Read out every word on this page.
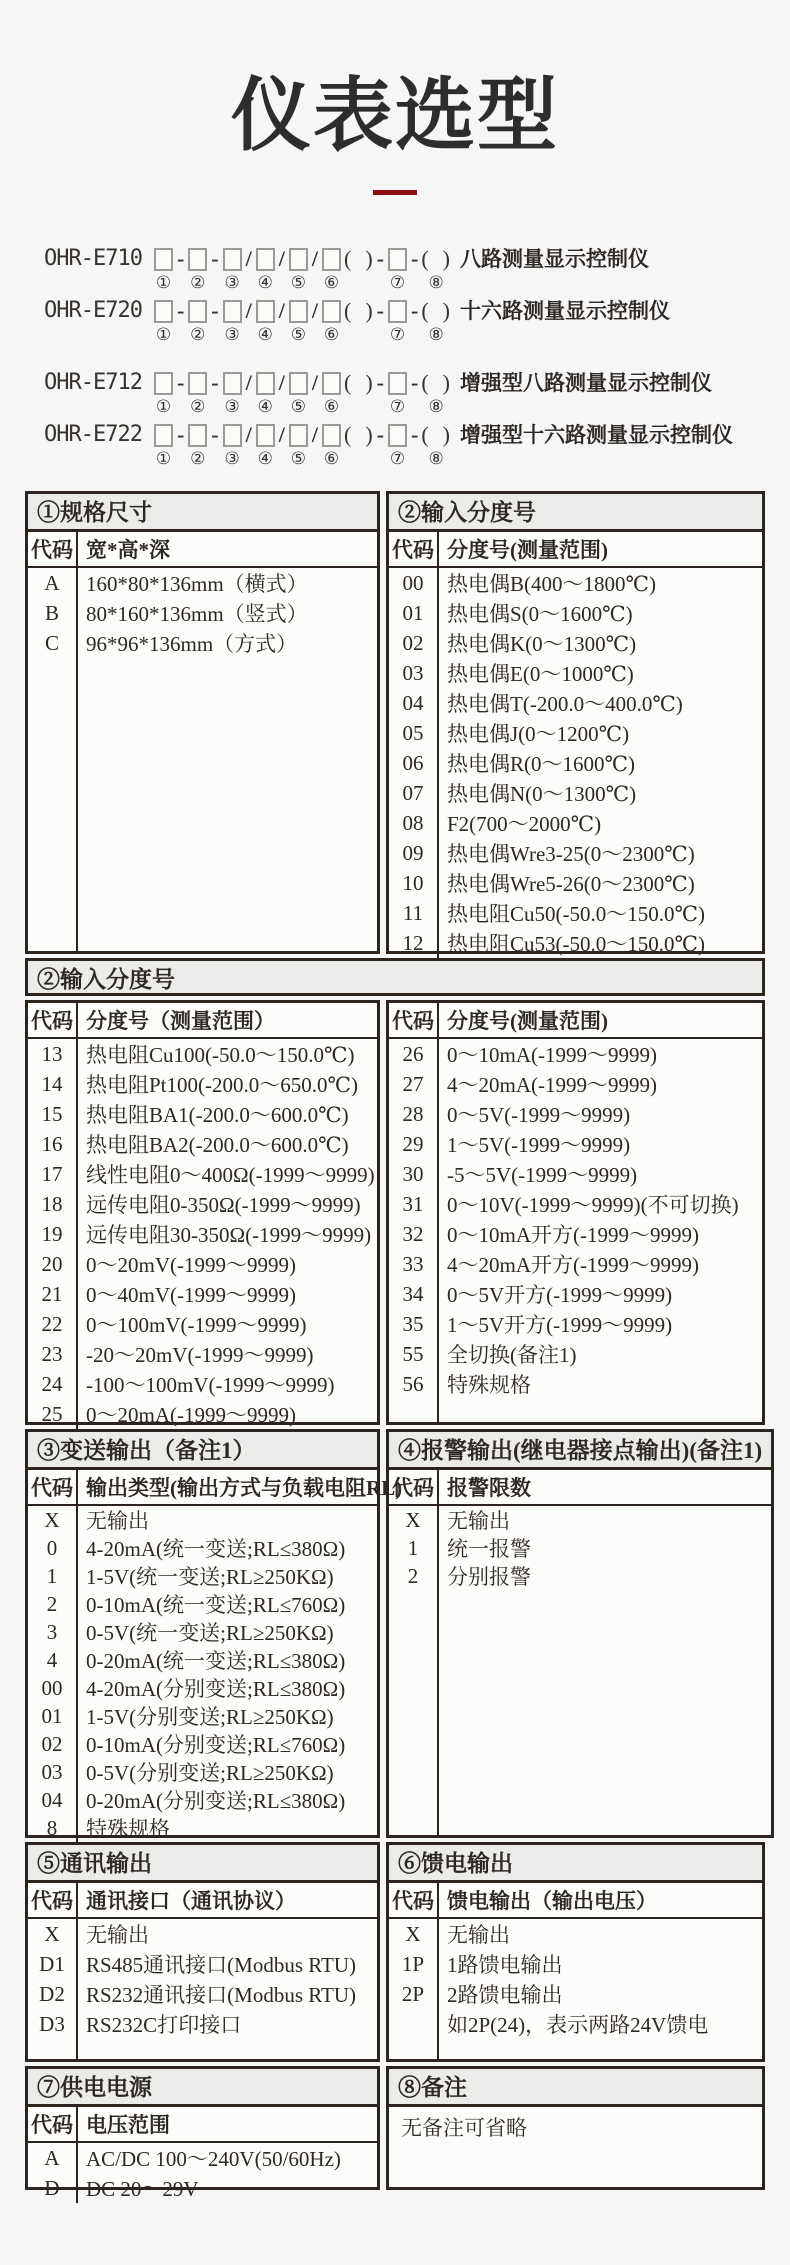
仪表选型
OHR-E710
①
-

②
-

③
/

④
/

⑤
/

⑥
(  )
-

⑦
-
(  )
⑧
八路测量显示控制仪
OHR-E720
①
-

②
-

③
/

④
/

⑤
/

⑥
(  )
-

⑦
-
(  )
⑧
十六路测量显示控制仪
OHR-E712
①
-

②
-

③
/

④
/

⑤
/

⑥
(  )
-

⑦
-
(  )
⑧
增强型八路测量显示控制仪
OHR-E722
①
-

②
-

③
/

④
/

⑤
/

⑥
(  )
-

⑦
-
(  )
⑧
增强型十六路测量显示控制仪
①规格尺寸
代码 宽*高*深
A	160*80*136mm（横式）
B	80*160*136mm（竖式）
C	96*96*136mm（方式）
②输入分度号
代码 分度号(测量范围)
00	热电偶B(400～1800℃)
01	热电偶S(0～1600℃)
02	热电偶K(0～1300℃)
03	热电偶E(0～1000℃)
04	热电偶T(-200.0～400.0℃)
05	热电偶J(0～1200℃)
06	热电偶R(0～1600℃)
07	热电偶N(0～1300℃)
08	F2(700～2000℃)
09	热电偶Wre3-25(0～2300℃)
10	热电偶Wre5-26(0～2300℃)
11	热电阻Cu50(-50.0～150.0℃)
12	热电阻Cu53(-50.0～150.0℃)
②输入分度号
代码 分度号（测量范围）
13	热电阻Cu100(-50.0～150.0℃)
14	热电阻Pt100(-200.0～650.0℃)
15	热电阻BA1(-200.0～600.0℃)
16	热电阻BA2(-200.0～600.0℃)
17	线性电阻0～400Ω(-1999～9999)
18	远传电阻0-350Ω(-1999～9999)
19	远传电阻30-350Ω(-1999～9999)
20	0～20mV(-1999～9999)
21	0～40mV(-1999～9999)
22	0～100mV(-1999～9999)
23	-20～20mV(-1999～9999)
24	-100～100mV(-1999～9999)
25	0～20mA(-1999～9999)
代码 分度号(测量范围)
26	0～10mA(-1999～9999)
27	4～20mA(-1999～9999)
28	0～5V(-1999～9999)
29	1～5V(-1999～9999)
30	-5～5V(-1999～9999)
31	0～10V(-1999～9999)(不可切换)
32	0～10mA开方(-1999～9999)
33	4～20mA开方(-1999～9999)
34	0～5V开方(-1999～9999)
35	1～5V开方(-1999～9999)
55	全切换(备注1)
56	特殊规格
③变送输出（备注1）
代码 输出类型(输出方式与负载电阻RL)
X	无输出
0	4-20mA(统一变送;RL≤380Ω)
1	1-5V(统一变送;RL≥250KΩ)
2	0-10mA(统一变送;RL≤760Ω)
3	0-5V(统一变送;RL≥250KΩ)
4	0-20mA(统一变送;RL≤380Ω)
00	4-20mA(分别变送;RL≤380Ω)
01	1-5V(分别变送;RL≥250KΩ)
02	0-10mA(分别变送;RL≤760Ω)
03	0-5V(分别变送;RL≥250KΩ)
04	0-20mA(分别变送;RL≤380Ω)
8	特殊规格
④报警输出(继电器接点输出)(备注1)
代码 报警限数
X	无输出
1	统一报警
2	分别报警
⑤通讯输出
代码 通讯接口（通讯协议）
X	无输出
D1	RS485通讯接口(Modbus RTU)
D2	RS232通讯接口(Modbus RTU)
D3	RS232C打印接口
⑥馈电输出
代码 馈电输出（输出电压）
X	无输出
1P	1路馈电输出
2P	2路馈电输出
如2P(24)，表示两路24V馈电
⑦供电电源
代码 电压范围
A	AC/DC 100～240V(50/60Hz)
D	DC 20～29V
⑧备注
无备注可省略
